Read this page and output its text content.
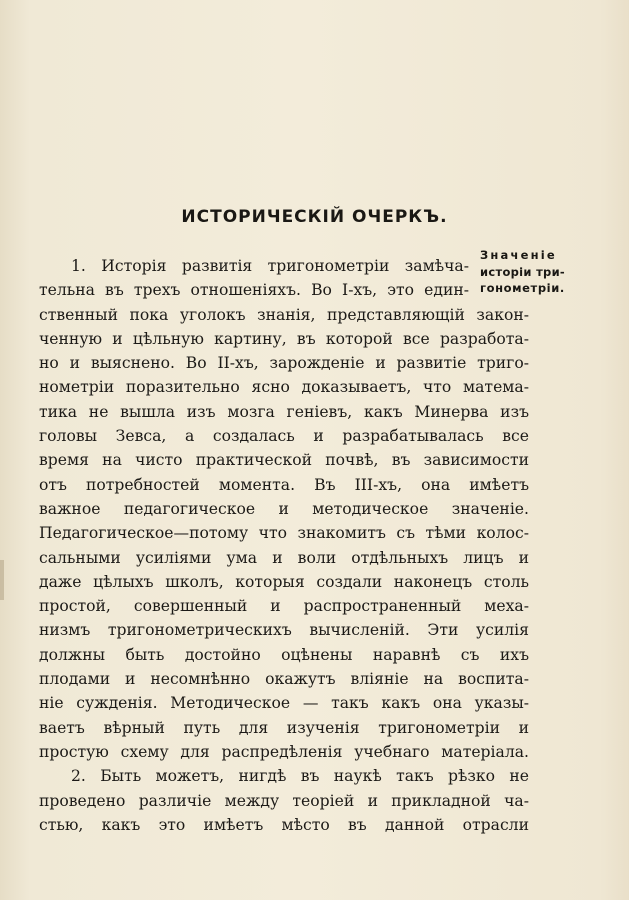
ИСТОРИЧЕСКІЙ ОЧЕРКЪ.
Значеніе
исторіи три-
гонометріи.
1. Исторія развитія тригонометріи замѣча-
тельна въ трехъ отношеніяхъ. Во I-хъ, это един-
ственный пока уголокъ знанія, представляющій закон-
ченную и цѣльную картину, въ которой все разработа-
но и выяснено. Во II-хъ, зарожденіе и развитіе триго-
нометріи поразительно ясно доказываетъ, что матема-
тика не вышла изъ мозга геніевъ, какъ Минерва изъ
головы Зевса, а создалась и разрабатывалась все
время на чисто практической почвѣ, въ зависимости
отъ потребностей момента. Въ III-хъ, она имѣетъ
важное педагогическое и методическое значеніе.
Педагогическое—потому что знакомитъ съ тѣми колос-
сальными усиліями ума и воли отдѣльныхъ лицъ и
даже цѣлыхъ школъ, которыя создали наконецъ столь
простой, совершенный и распространенный меха-
низмъ тригонометрическихъ вычисленій. Эти усилія
должны быть достойно оцѣнены наравнѣ съ ихъ
плодами и несомнѣнно окажутъ вліяніе на воспита-
ніе сужденія. Методическое — такъ какъ она указы-
ваетъ вѣрный путь для изученія тригонометріи и
простую схему для распредѣленія учебнаго матеріала.
2. Быть можетъ, нигдѣ въ наукѣ такъ рѣзко не
проведено различіе между теоріей и прикладной ча-
стью, какъ это имѣетъ мѣсто въ данной отрасли
